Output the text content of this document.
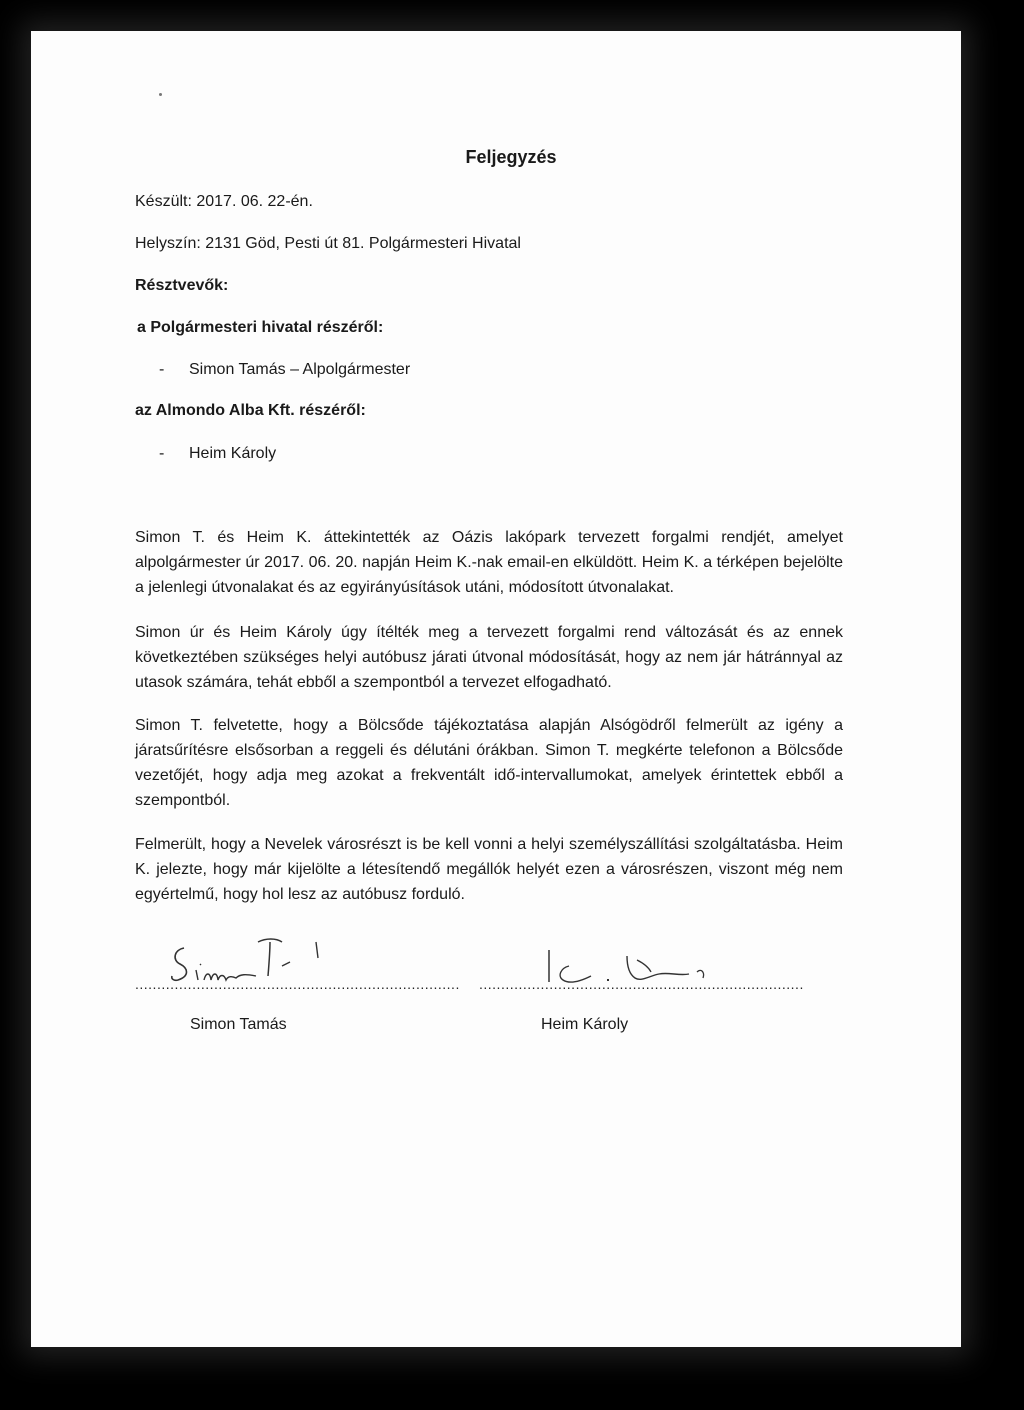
Feljegyzés

Készült: 2017. 06. 22-én.

Helyszín: 2131 Göd, Pesti út 81. Polgármesteri Hivatal

Résztvevők:

a Polgármesteri hivatal részéről:

- Simon Tamás – Alpolgármester

az Almondo Alba Kft. részéről:

- Heim Károly

Simon T. és Heim K. áttekintették az Oázis lakópark tervezett forgalmi rendjét, amelyet alpolgármester úr 2017. 06. 20. napján Heim K.-nak email-en elküldött. Heim K. a térképen bejelölte a jelenlegi útvonalakat és az egyirányúsítások utáni, módosított útvonalakat.

Simon úr és Heim Károly úgy ítélték meg a tervezett forgalmi rend változását és az ennek következtében szükséges helyi autóbusz járati útvonal módosítását, hogy az nem jár hátránnyal az utasok számára, tehát ebből a szempontból a tervezet elfogadható.

Simon T. felvetette, hogy a Bölcsőde tájékoztatása alapján Alsógödről felmerült az igény a járatsűrítésre elsősorban a reggeli és délutáni órákban. Simon T. megkérte telefonon a Bölcsőde vezetőjét, hogy adja meg azokat a frekventált idő-intervallumokat, amelyek érintettek ebből a szempontból.

Felmerült, hogy a Nevelek városrészt is be kell vonni a helyi személyszállítási szolgáltatásba. Heim K. jelezte, hogy már kijelölte a létesítendő megállók helyét ezen a városrészen, viszont még nem egyértelmű, hogy hol lesz az autóbusz forduló.

.......................................................................... ..........................................................................

Simon Tamás	Heim Károly
